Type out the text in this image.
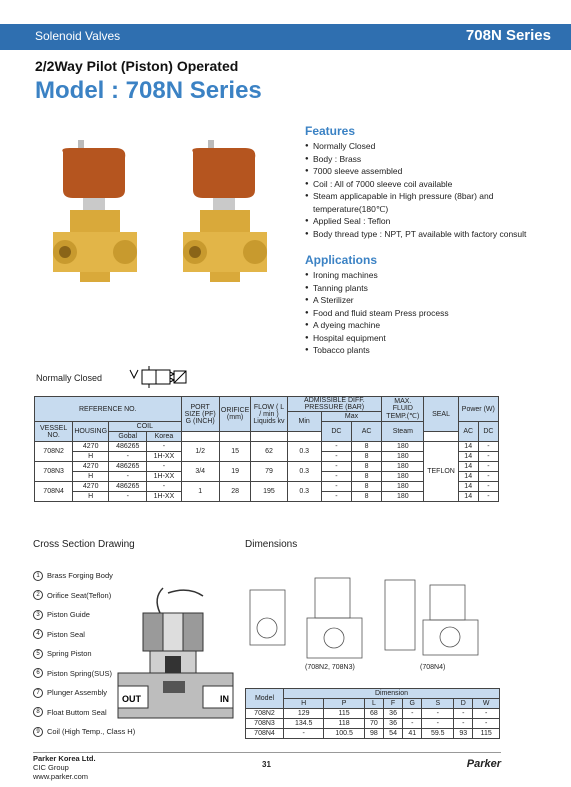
Solenoid Valves	708N Series
2/2Way Pilot (Piston) Operated
Model : 708N Series
Features
● Normally Closed
● Body : Brass
● 7000 sleeve assembled
● Coil : All of 7000 sleeve coil available
● Steam applicapable in High pressure (8bar) and temperature(180℃)
● Applied Seal : Teflon
● Body thread type : NPT, PT available with factory consult
Applications
● Ironing machines
● Tanning plants
● A Sterilizer
● Food and fluid steam Press process
● A dyeing machine
● Hospital equipment
● Tobacco plants
Normally Closed
REFERENCE NO.				PORT SIZE (PF) G (INCH)	ORIFICE (mm)	FLOW ( L / min ) Liquids kv	ADMISSIBLE DIFF. PRESSURE (BAR)			MAX. FLUID TEMP.(℃)	SEAL	Power (W)	
							Min	Max					
VESSEL NO.	HOUSING	COIL						DC	AC	Steam		AC	DC
		Gobal	Korea										
708N2	4270	486265	-	1/2	15	62	0.3	-	8	180	TEFLON	14	-
	H	-	1H-XX					-	8	180		14	-
708N3	4270	486265	-	3/4	19	79	0.3	-	8	180		14	-
	H	-	1H-XX					-	8	180		14	-
708N4	4270	486265	-	1	28	195	0.3	-	8	180		14	-
	H	-	1H-XX					-	8	180		14	-
Cross Section Drawing
1 Brass Forging Body
2 Orifice Seat(Teflon)
3 Piston Guide
4 Piston Seal
5 Spring Piston
6 Piston Spring(SUS)
7 Plunger Assembly
8 Float Buttom Seal
9 Coil (High Temp., Class H)
OUT	IN
Dimensions
(708N2, 708N3)	(708N4)
Model	Dimension							
	H	P	L	F	G	S	D	W
708N2	129	115	68	36	-	-	-	-
708N3	134.5	118	70	36	-	-	-	-
708N4	-	100.5	98	54	41	59.5	93	115
Parker Korea Ltd.
CIC Group
www.parker.com
31	Parker
